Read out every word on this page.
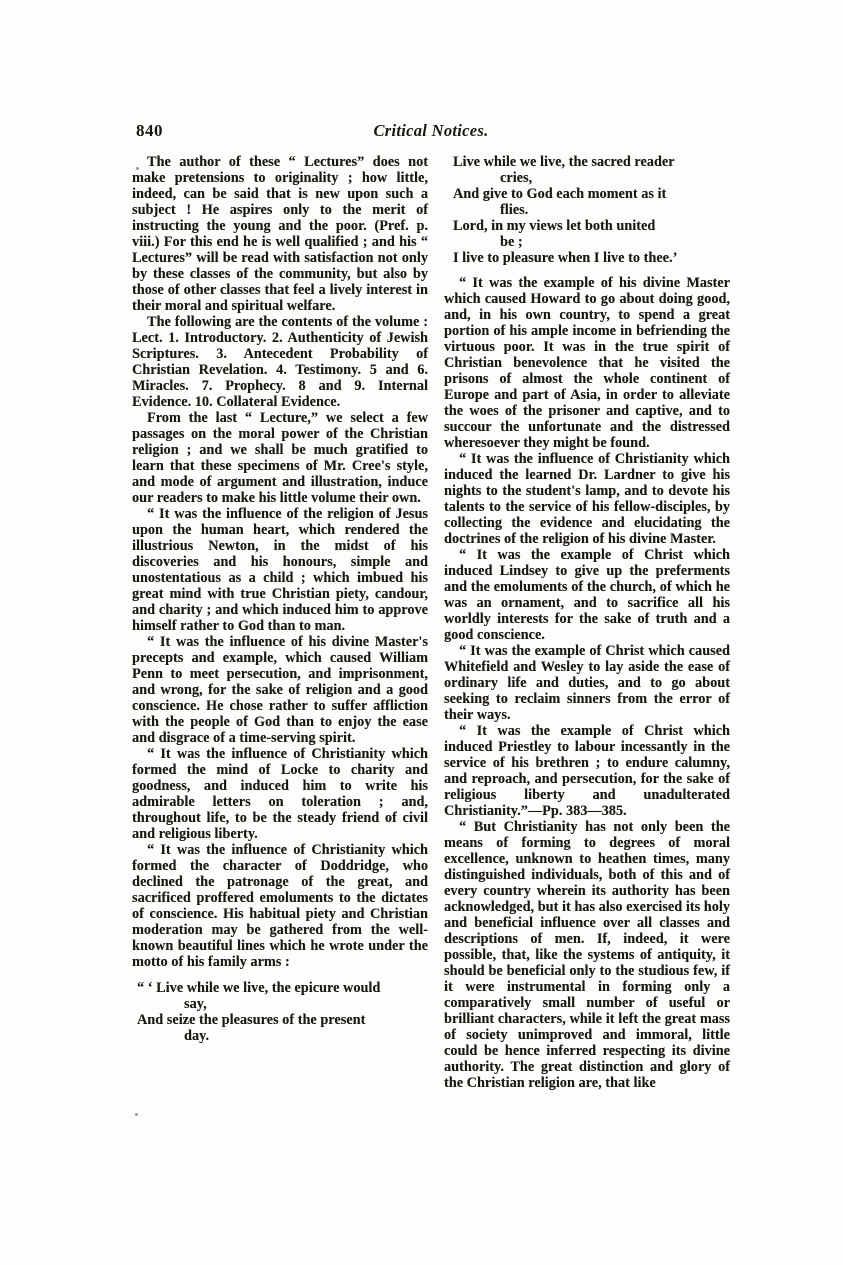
840	Critical Notices.

The author of these “ Lectures” does not make pretensions to originality ; how little, indeed, can be said that is new upon such a subject ! He aspires only to the merit of instructing the young and the poor. (Pref. p. viii.) For this end he is well qualified ; and his “ Lectures” will be read with satisfaction not only by these classes of the community, but also by those of other classes that feel a lively interest in their moral and spiritual welfare.

The following are the contents of the volume : Lect. 1. Introductory. 2. Authenticity of Jewish Scriptures. 3. Antecedent Probability of Christian Revelation. 4. Testimony. 5 and 6. Miracles. 7. Prophecy. 8 and 9. Internal Evidence. 10. Collateral Evidence.

From the last “ Lecture,” we select a few passages on the moral power of the Christian religion ; and we shall be much gratified to learn that these specimens of Mr. Cree's style, and mode of argument and illustration, induce our readers to make his little volume their own.

“ It was the influence of the religion of Jesus upon the human heart, which rendered the illustrious Newton, in the midst of his discoveries and his honours, simple and unostentatious as a child ; which imbued his great mind with true Christian piety, candour, and charity ; and which induced him to approve himself rather to God than to man.

“ It was the influence of his divine Master's precepts and example, which caused William Penn to meet persecution, and imprisonment, and wrong, for the sake of religion and a good conscience. He chose rather to suffer affliction with the people of God than to enjoy the ease and disgrace of a time-serving spirit.

“ It was the influence of Christianity which formed the mind of Locke to charity and goodness, and induced him to write his admirable letters on toleration ; and, throughout life, to be the steady friend of civil and religious liberty.

“ It was the influence of Christianity which formed the character of Doddridge, who declined the patronage of the great, and sacrificed proffered emoluments to the dictates of conscience. His habitual piety and Christian moderation may be gathered from the well-known beautiful lines which he wrote under the motto of his family arms :

“ ‘ Live while we live, the epicure would
say,
And seize the pleasures of the present
day.
Live while we live, the sacred reader
cries,
And give to God each moment as it
flies.
Lord, in my views let both united
be ;
I live to pleasure when I live to thee.’

“ It was the example of his divine Master which caused Howard to go about doing good, and, in his own country, to spend a great portion of his ample income in befriending the virtuous poor. It was in the true spirit of Christian benevolence that he visited the prisons of almost the whole continent of Europe and part of Asia, in order to alleviate the woes of the prisoner and captive, and to succour the unfortunate and the distressed wheresoever they might be found.

“ It was the influence of Christianity which induced the learned Dr. Lardner to give his nights to the student's lamp, and to devote his talents to the service of his fellow-disciples, by collecting the evidence and elucidating the doctrines of the religion of his divine Master.

“ It was the example of Christ which induced Lindsey to give up the preferments and the emoluments of the church, of which he was an ornament, and to sacrifice all his worldly interests for the sake of truth and a good conscience.

“ It was the example of Christ which caused Whitefield and Wesley to lay aside the ease of ordinary life and duties, and to go about seeking to reclaim sinners from the error of their ways.

“ It was the example of Christ which induced Priestley to labour incessantly in the service of his brethren ; to endure calumny, and reproach, and persecution, for the sake of religious liberty and unadulterated Christianity.”—Pp. 383—385.

“ But Christianity has not only been the means of forming to degrees of moral excellence, unknown to heathen times, many distinguished individuals, both of this and of every country wherein its authority has been acknowledged, but it has also exercised its holy and beneficial influence over all classes and descriptions of men. If, indeed, it were possible, that, like the systems of antiquity, it should be beneficial only to the studious few, if it were instrumental in forming only a comparatively small number of useful or brilliant characters, while it left the great mass of society unimproved and immoral, little could be hence inferred respecting its divine authority. The great distinction and glory of the Christian religion are, that like
